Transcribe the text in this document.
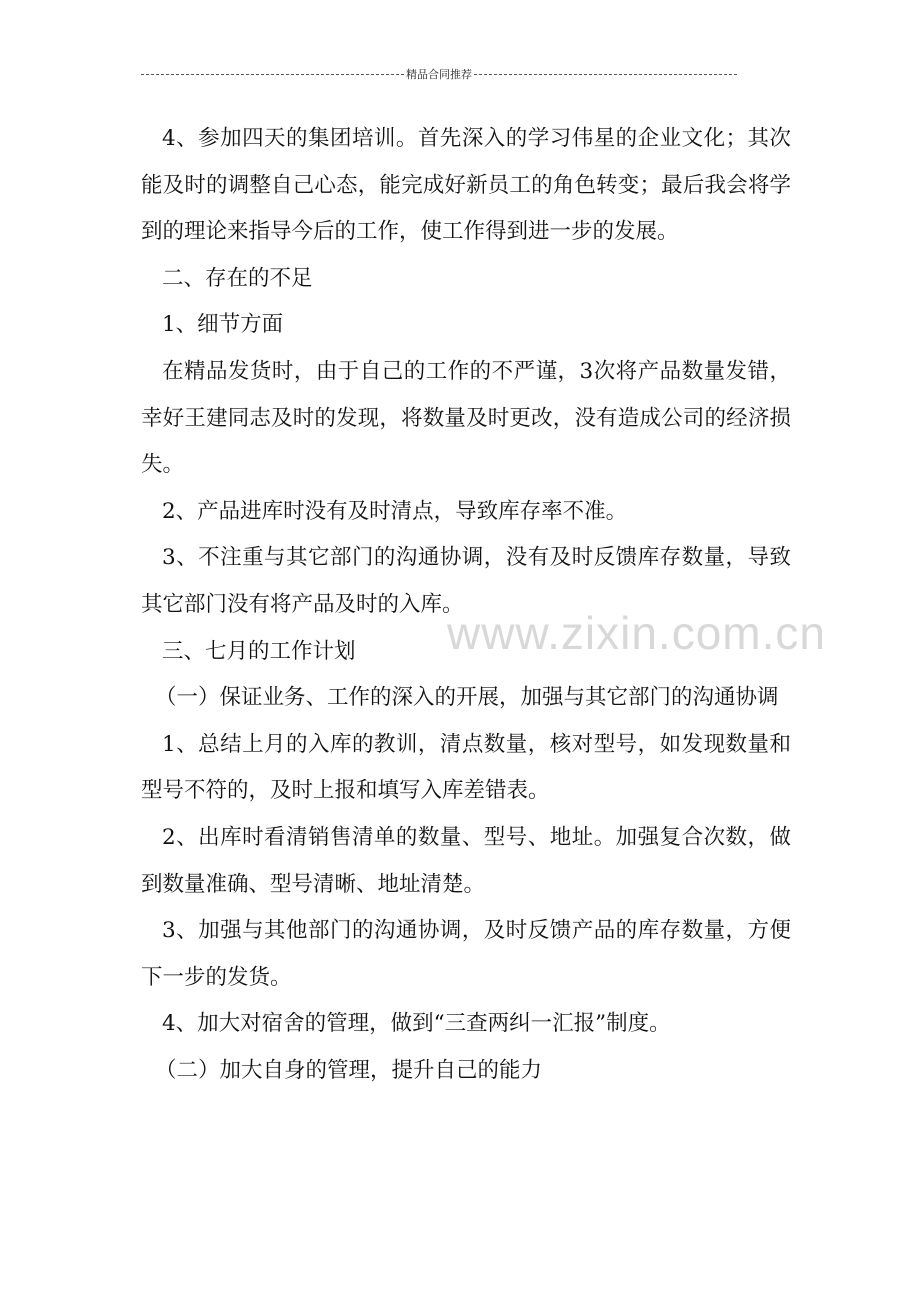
精品合同推荐
www.zixin.com.cn

4、参加四天的集团培训。首先深入的学习伟星的企业文化；其次能及时的调整自己心态，能完成好新员工的角色转变；最后我会将学到的理论来指导今后的工作，使工作得到进一步的发展。

二、存在的不足

1、细节方面

在精品发货时，由于自己的工作的不严谨，3次将产品数量发错，幸好王建同志及时的发现，将数量及时更改，没有造成公司的经济损失。

2、产品进库时没有及时清点，导致库存率不准。

3、不注重与其它部门的沟通协调，没有及时反馈库存数量，导致其它部门没有将产品及时的入库。

三、七月的工作计划

（一）保证业务、工作的深入的开展，加强与其它部门的沟通协调

1、总结上月的入库的教训，清点数量，核对型号，如发现数量和型号不符的，及时上报和填写入库差错表。

2、出库时看清销售清单的数量、型号、地址。加强复合次数，做到数量准确、型号清晰、地址清楚。

3、加强与其他部门的沟通协调，及时反馈产品的库存数量，方便下一步的发货。

4、加大对宿舍的管理，做到“三查两纠一汇报”制度。

（二）加大自身的管理，提升自己的能力
